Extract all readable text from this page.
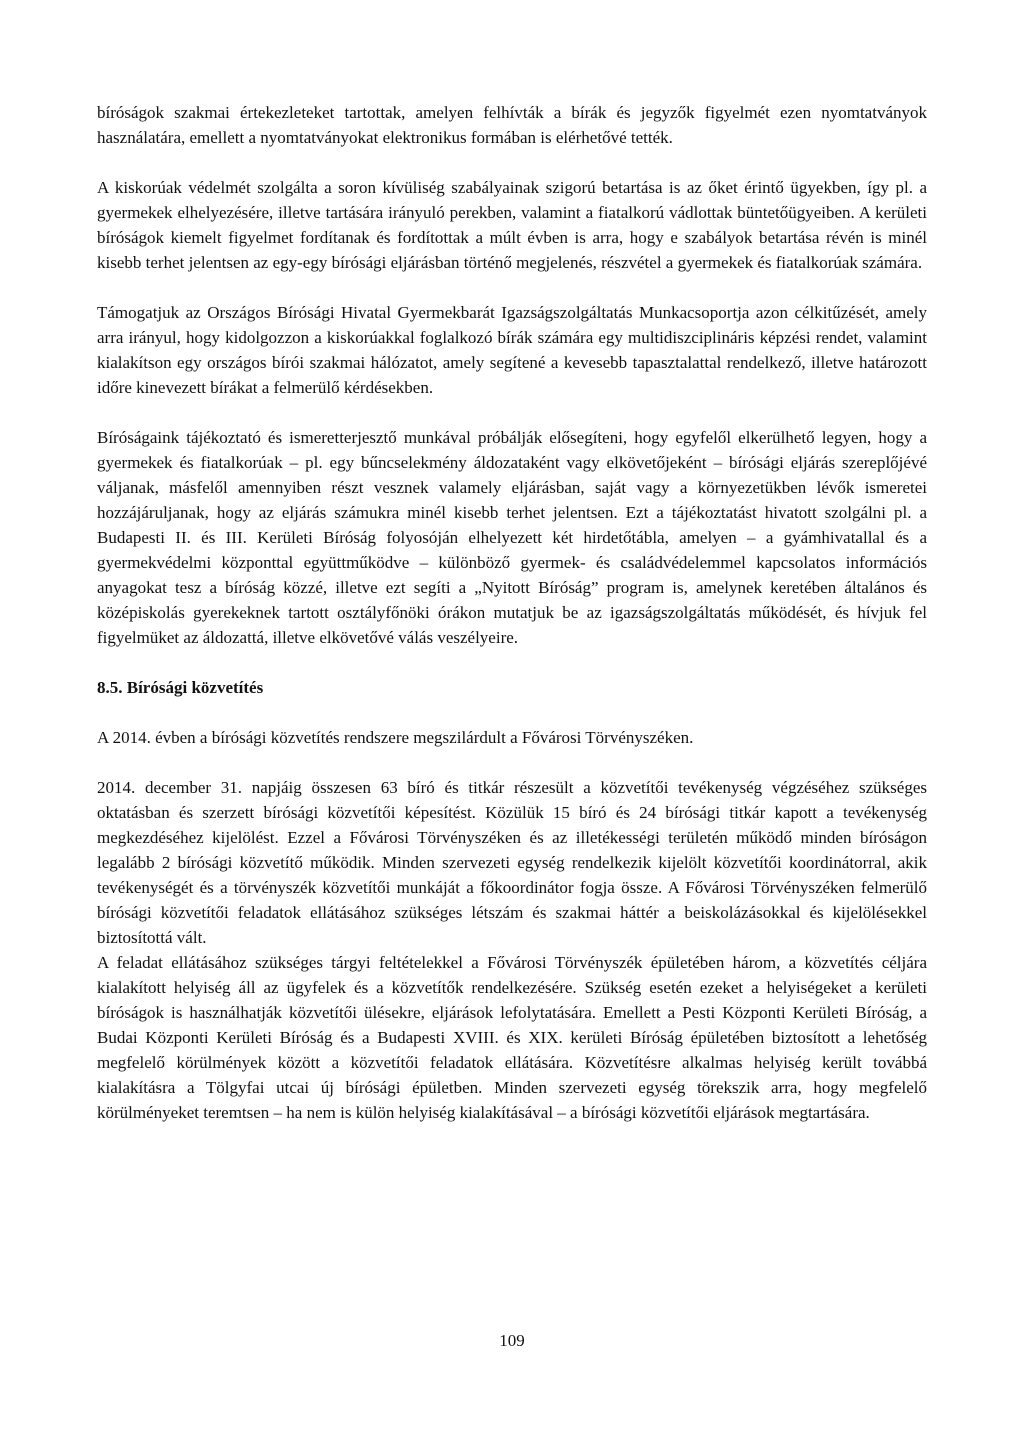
bíróságok szakmai értekezleteket tartottak, amelyen felhívták a bírák és jegyzők figyelmét ezen nyomtatványok használatára, emellett a nyomtatványokat elektronikus formában is elérhetővé tették.

A kiskorúak védelmét szolgálta a soron kívüliség szabályainak szigorú betartása is az őket érintő ügyekben, így pl. a gyermekek elhelyezésére, illetve tartására irányuló perekben, valamint a fiatalkorú vádlottak büntetőügyeiben. A kerületi bíróságok kiemelt figyelmet fordítanak és fordítottak a múlt évben is arra, hogy e szabályok betartása révén is minél kisebb terhet jelentsen az egy-egy bírósági eljárásban történő megjelenés, részvétel a gyermekek és fiatalkorúak számára.

Támogatjuk az Országos Bírósági Hivatal Gyermekbarát Igazságszolgáltatás Munkacsoportja azon célkitűzését, amely arra irányul, hogy kidolgozzon a kiskorúakkal foglalkozó bírák számára egy multidiszciplináris képzési rendet, valamint kialakítson egy országos bírói szakmai hálózatot, amely segítené a kevesebb tapasztalattal rendelkező, illetve határozott időre kinevezett bírákat a felmerülő kérdésekben.

Bíróságaink tájékoztató és ismeretterjesztő munkával próbálják elősegíteni, hogy egyfelől elkerülhető legyen, hogy a gyermekek és fiatalkorúak – pl. egy bűncselekmény áldozataként vagy elkövetőjeként – bírósági eljárás szereplőjévé váljanak, másfelől amennyiben részt vesznek valamely eljárásban, saját vagy a környezetükben lévők ismeretei hozzájáruljanak, hogy az eljárás számukra minél kisebb terhet jelentsen. Ezt a tájékoztatást hivatott szolgálni pl. a Budapesti II. és III. Kerületi Bíróság folyosóján elhelyezett két hirdetőtábla, amelyen – a gyámhivatallal és a gyermekvédelmi központtal együttműködve – különböző gyermek- és családvédelemmel kapcsolatos információs anyagokat tesz a bíróság közzé, illetve ezt segíti a „Nyitott Bíróság” program is, amelynek keretében általános és középiskolás gyerekeknek tartott osztályfőnöki órákon mutatjuk be az igazságszolgáltatás működését, és hívjuk fel figyelmüket az áldozattá, illetve elkövetővé válás veszélyeire.

8.5. Bírósági közvetítés

A 2014. évben a bírósági közvetítés rendszere megszilárdult a Fővárosi Törvényszéken.

2014. december 31. napjáig összesen 63 bíró és titkár részesült a közvetítői tevékenység végzéséhez szükséges oktatásban és szerzett bírósági közvetítői képesítést. Közülük 15 bíró és 24 bírósági titkár kapott a tevékenység megkezdéséhez kijelölést. Ezzel a Fővárosi Törvényszéken és az illetékességi területén működő minden bíróságon legalább 2 bírósági közvetítő működik. Minden szervezeti egység rendelkezik kijelölt közvetítői koordinátorral, akik tevékenységét és a törvényszék közvetítői munkáját a főkoordinátor fogja össze. A Fővárosi Törvényszéken felmerülő bírósági közvetítői feladatok ellátásához szükséges létszám és szakmai háttér a beiskolázásokkal és kijelölésekkel biztosítottá vált.

A feladat ellátásához szükséges tárgyi feltételekkel a Fővárosi Törvényszék épületében három, a közvetítés céljára kialakított helyiség áll az ügyfelek és a közvetítők rendelkezésére. Szükség esetén ezeket a helyiségeket a kerületi bíróságok is használhatják közvetítői ülésekre, eljárások lefolytatására. Emellett a Pesti Központi Kerületi Bíróság, a Budai Központi Kerületi Bíróság és a Budapesti XVIII. és XIX. kerületi Bíróság épületében biztosított a lehetőség megfelelő körülmények között a közvetítői feladatok ellátására. Közvetítésre alkalmas helyiség került továbbá kialakításra a Tölgyfai utcai új bírósági épületben. Minden szervezeti egység törekszik arra, hogy megfelelő körülményeket teremtsen – ha nem is külön helyiség kialakításával – a bírósági közvetítői eljárások megtartására.

109
